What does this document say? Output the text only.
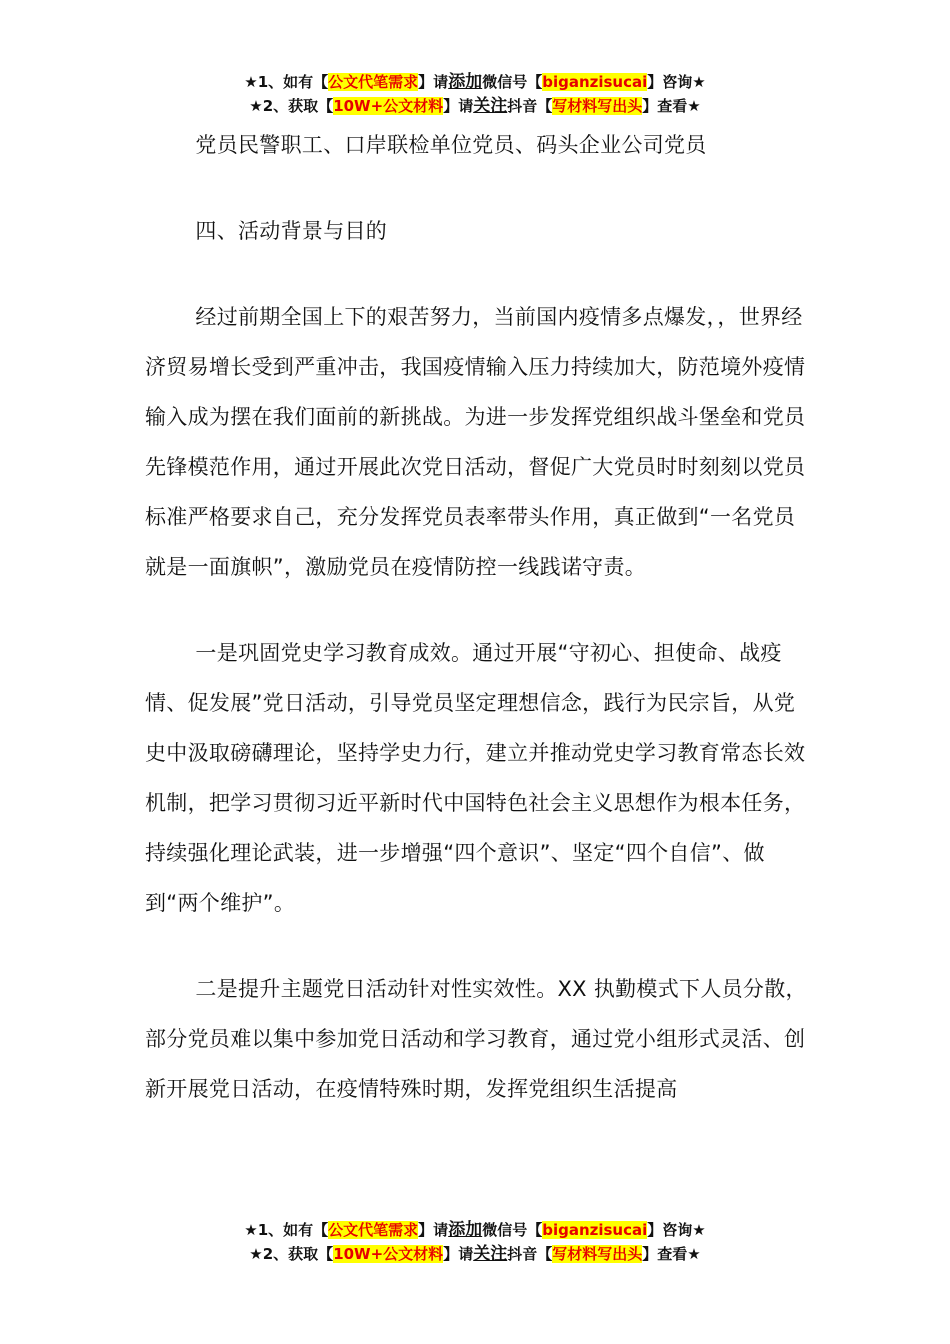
★1、如有【公文代笔需求】请添加微信号【biganzisucai】咨询★
★2、获取【10W+公文材料】请关注抖音【写材料写出头】查看★

党员民警职工、口岸联检单位党员、码头企业公司党员

四、活动背景与目的

经过前期全国上下的艰苦努力，当前国内疫情多点爆发，，世界经济贸易增长受到严重冲击，我国疫情输入压力持续加大，防范境外疫情输入成为摆在我们面前的新挑战。为进一步发挥党组织战斗堡垒和党员先锋模范作用，通过开展此次党日活动，督促广大党员时时刻刻以党员标准严格要求自己，充分发挥党员表率带头作用，真正做到“一名党员就是一面旗帜”，激励党员在疫情防控一线践诺守责。

一是巩固党史学习教育成效。通过开展“守初心、担使命、战疫情、促发展”党日活动，引导党员坚定理想信念，践行为民宗旨，从党史中汲取磅礴理论，坚持学史力行，建立并推动党史学习教育常态长效机制，把学习贯彻习近平新时代中国特色社会主义思想作为根本任务，持续强化理论武装，进一步增强“四个意识”、坚定“四个自信”、做到“两个维护”。

二是提升主题党日活动针对性实效性。XX 执勤模式下人员分散，部分党员难以集中参加党日活动和学习教育，通过党小组形式灵活、创新开展党日活动，在疫情特殊时期，发挥党组织生活提高

★1、如有【公文代笔需求】请添加微信号【biganzisucai】咨询★
★2、获取【10W+公文材料】请关注抖音【写材料写出头】查看★
